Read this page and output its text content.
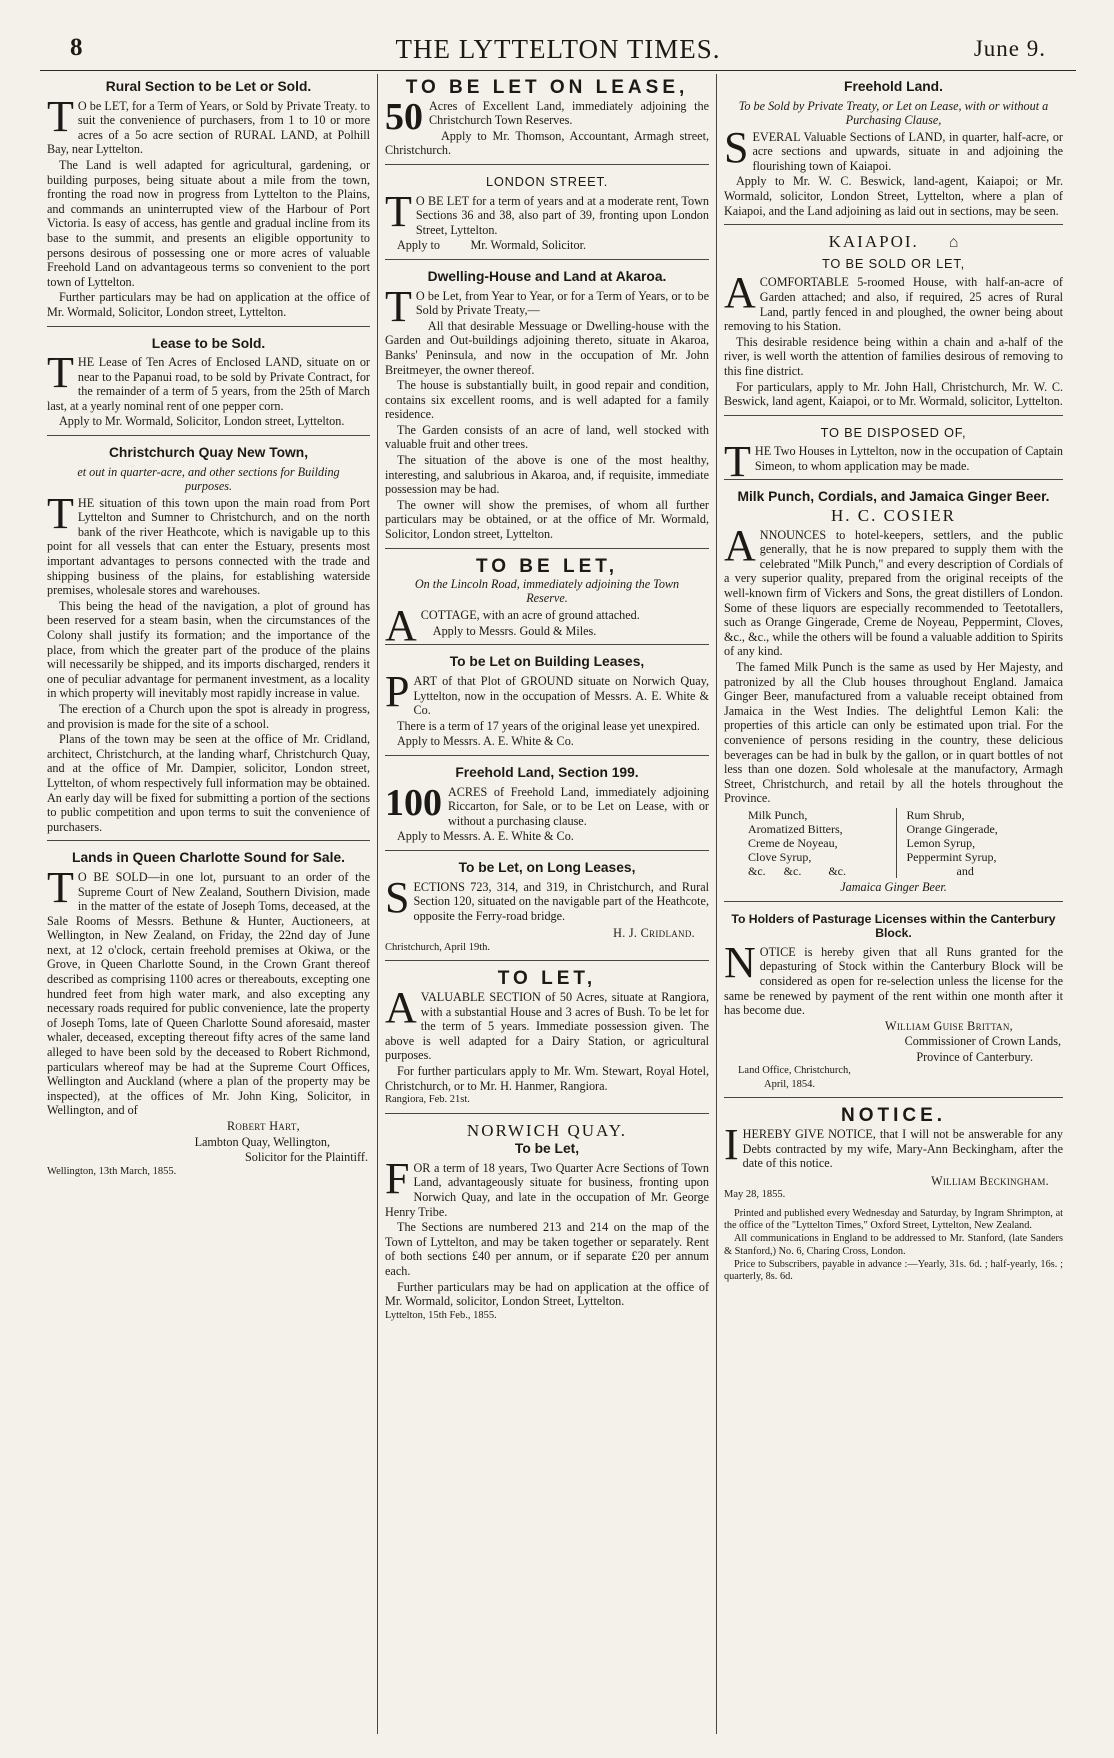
8	THE LYTTELTON TIMES.	June 9.
Rural Section to be Let or Sold.

T O be LET, for a Term of Years, or Sold by Private Treaty. to suit the convenience of purchasers, from 1 to 10 or more acres of a 5o acre section of RURAL LAND, at Polhill Bay, near Lyttelton.

The Land is well adapted for agricultural, gardening, or building purposes, being situate about a mile from the town, fronting the road now in progress from Lyttelton to the Plains, and commands an uninterrupted view of the Harbour of Port Victoria. Is easy of access, has gentle and gradual incline from its base to the summit, and presents an eligible opportunity to persons desirous of possessing one or more acres of valuable Freehold Land on advantageous terms so convenient to the port town of Lyttelton.

Further particulars may be had on application at the office of Mr. Wormald, Solicitor, London street, Lyttelton.

Lease to be Sold.

THE Lease of Ten Acres of Enclosed LAND, situate on or near to the Papanui road, to be sold by Private Contract, for the remainder of a term of 5 years, from the 25th of March last, at a yearly nominal rent of one pepper corn.

Apply to Mr. Wormald, Solicitor, London street, Lyttelton.

Christchurch Quay New Town,
et out in quarter-acre, and other sections for Building purposes.

THE situation of this town upon the main road from Port Lyttelton and Sumner to Christchurch, and on the north bank of the river Heathcote, which is navigable up to this point for all vessels that can enter the Estuary, presents most important advantages to persons connected with the trade and shipping business of the plains, for establishing waterside premises, wholesale stores and warehouses.

This being the head of the navigation, a plot of ground has been reserved for a steam basin, when the circumstances of the Colony shall justify its formation; and the importance of the place, from which the greater part of the produce of the plains will necessarily be shipped, and its imports discharged, renders it one of peculiar advantage for permanent investment, as a locality in which property will inevitably most rapidly increase in value.

The erection of a Church upon the spot is already in progress, and provision is made for the site of a school.

Plans of the town may be seen at the office of Mr. Cridland, architect, Christchurch, at the landing wharf, Christchurch Quay, and at the office of Mr. Dampier, solicitor, London street, Lyttelton, of whom respectively full information may be obtained. An early day will be fixed for submitting a portion of the sections to public competition and upon terms to suit the convenience of purchasers.

Lands in Queen Charlotte Sound for Sale.

T O BE SOLD—in one lot, pursuant to an order of the Supreme Court of New Zealand, Southern Division, made in the matter of the estate of Joseph Toms, deceased, at the Sale Rooms of Messrs. Bethune & Hunter, Auctioneers, at Wellington, in New Zealand, on Friday, the 22nd day of June next, at 12 o'clock, certain freehold premises at Okiwa, or the Grove, in Queen Charlotte Sound, in the Crown Grant thereof described as comprising 1100 acres or thereabouts, excepting one hundred feet from high water mark, and also excepting any necessary roads required for public convenience, late the property of Joseph Toms, late of Queen Charlotte Sound aforesaid, master whaler, deceased, excepting thereout fifty acres of the same land alleged to have been sold by the deceased to Robert Richmond, particulars whereof may be had at the Supreme Court Offices, Wellington and Auckland (where a plan of the property may be inspected), at the offices of Mr. John King, Solicitor, in Wellington, and of

Robert Hart,

Lambton Quay, Wellington,

Solicitor for the Plaintiff.

Wellington, 13th March, 1855.

TO BE LET ON LEASE,

50 Acres of Excellent Land, immediately adjoining the Christchurch Town Reserves.

Apply to Mr. Thomson, Accountant, Armagh street, Christchurch.

LONDON STREET.

T O BE LET for a term of years and at a moderate rent, Town Sections 36 and 38, also part of 39, fronting upon London Street, Lyttelton.

Apply to          Mr. Wormald, Solicitor.

Dwelling-House and Land at Akaroa.

T O be Let, from Year to Year, or for a Term of Years, or to be Sold by Private Treaty,—

All that desirable Messuage or Dwelling-house with the Garden and Out-buildings adjoining thereto, situate in Akaroa, Banks' Peninsula, and now in the occupation of Mr. John Breitmeyer, the owner thereof.

The house is substantially built, in good repair and condition, contains six excellent rooms, and is well adapted for a family residence.

The Garden consists of an acre of land, well stocked with valuable fruit and other trees.

The situation of the above is one of the most healthy, interesting, and salubrious in Akaroa, and, if requisite, immediate possession may be had.

The owner will show the premises, of whom all further particulars may be obtained, or at the office of Mr. Wormald, Solicitor, London street, Lyttelton.

TO BE LET,
On the Lincoln Road, immediately adjoining the Town Reserve.

ACOTTAGE, with an acre of ground attached.

Apply to Messrs. Gould & Miles.

To be Let on Building Leases,

PART of that Plot of GROUND situate on Norwich Quay, Lyttelton, now in the occupation of Messrs. A. E. White & Co.

There is a term of 17 years of the original lease yet unexpired.

Apply to Messrs. A. E. White & Co.

Freehold Land, Section 199.

100 ACRES of Freehold Land, immediately adjoining Riccarton, for Sale, or to be Let on Lease, with or without a purchasing clause.

Apply to Messrs. A. E. White & Co.

To be Let, on Long Leases,

SECTIONS 723, 314, and 319, in Christchurch, and Rural Section 120, situated on the navigable part of the Heathcote, opposite the Ferry-road bridge.

H. J. Cridland.

Christchurch, April 19th.

TO LET,

AVALUABLE SECTION of 50 Acres, situate at Rangiora, with a substantial House and 3 acres of Bush. To be let for the term of 5 years. Immediate possession given. The above is well adapted for a Dairy Station, or agricultural purposes.

For further particulars apply to Mr. Wm. Stewart, Royal Hotel, Christchurch, or to Mr. H. Hanmer, Rangiora.

Rangiora, Feb. 21st.

NORWICH QUAY.
To be Let,

FOR a term of 18 years, Two Quarter Acre Sections of Town Land, advantageously situate for business, fronting upon Norwich Quay, and late in the occupation of Mr. George Henry Tribe.

The Sections are numbered 213 and 214 on the map of the Town of Lyttelton, and may be taken together or separately. Rent of both sections £40 per annum, or if separate £20 per annum each.

Further particulars may be had on application at the office of Mr. Wormald, solicitor, London Street, Lyttelton.

Lyttelton, 15th Feb., 1855.

Freehold Land.
To be Sold by Private Treaty, or Let on Lease, with or without a Purchasing Clause,

SEVERAL Valuable Sections of LAND, in quarter, half-acre, or acre sections and upwards, situate in and adjoining the flourishing town of Kaiapoi.

Apply to Mr. W. C. Beswick, land-agent, Kaiapoi; or Mr. Wormald, solicitor, London Street, Lyttelton, where a plan of Kaiapoi, and the Land adjoining as laid out in sections, may be seen.

KAIAPOI. ⌂
TO BE SOLD OR LET,

ACOMFORTABLE 5-roomed House, with half-an-acre of Garden attached; and also, if required, 25 acres of Rural Land, partly fenced in and ploughed, the owner being about removing to his Station.

This desirable residence being within a chain and a-half of the river, is well worth the attention of families desirous of removing to this fine district.

For particulars, apply to Mr. John Hall, Christchurch, Mr. W. C. Beswick, land agent, Kaiapoi, or to Mr. Wormald, solicitor, Lyttelton.

TO BE DISPOSED OF,

THE Two Houses in Lyttelton, now in the occupation of Captain Simeon, to whom application may be made.

Milk Punch, Cordials, and Jamaica Ginger Beer.
H. C. COSIER

ANNOUNCES to hotel-keepers, settlers, and the public generally, that he is now prepared to supply them with the celebrated "Milk Punch," and every description of Cordials of a very superior quality, prepared from the original receipts of the well-known firm of Vickers and Sons, the great distillers of London. Some of these liquors are especially recommended to Teetotallers, such as Orange Gingerade, Creme de Noyeau, Peppermint, Cloves, &c., &c., while the others will be found a valuable addition to Spirits of any kind.

The famed Milk Punch is the same as used by Her Majesty, and patronized by all the Club houses throughout England. Jamaica Ginger Beer, manufactured from a valuable receipt obtained from Jamaica in the West Indies. The delightful Lemon Kali: the properties of this article can only be estimated upon trial. For the convenience of persons residing in the country, these delicious beverages can be had in bulk by the gallon, or in quart bottles of not less than one dozen. Sold wholesale at the manufactory, Armagh Street, Christchurch, and retail by all the hotels throughout the Province.

Milk Punch,
Aromatized Bitters,
Creme de Noyeau,
Clove Syrup,
&c.      &c.         &c.
Rum Shrub,
Orange Gingerade,
Lemon Syrup,
Peppermint Syrup,
and

Jamaica Ginger Beer.

To Holders of Pasturage Licenses within the Canterbury Block.

NOTICE is hereby given that all Runs granted for the depasturing of Stock within the Canterbury Block will be considered as open for re-selection unless the license for the same be renewed by payment of the rent within one month after it has become due.

William Guise Brittan,

Commissioner of Crown Lands,

Province of Canterbury.

Land Office, Christchurch,

April, 1854.

NOTICE.

IHEREBY GIVE NOTICE, that I will not be answerable for any Debts contracted by my wife, Mary-Ann Beckingham, after the date of this notice.

William Beckingham.

May 28, 1855.

Printed and published every Wednesday and Saturday, by Ingram Shrimpton, at the office of the "Lyttelton Times," Oxford Street, Lyttelton, New Zealand.

All communications in England to be addressed to Mr. Stanford, (late Sanders & Stanford,) No. 6, Charing Cross, London.

Price to Subscribers, payable in advance :—Yearly, 31s. 6d. ; half-yearly, 16s. ; quarterly, 8s. 6d.
